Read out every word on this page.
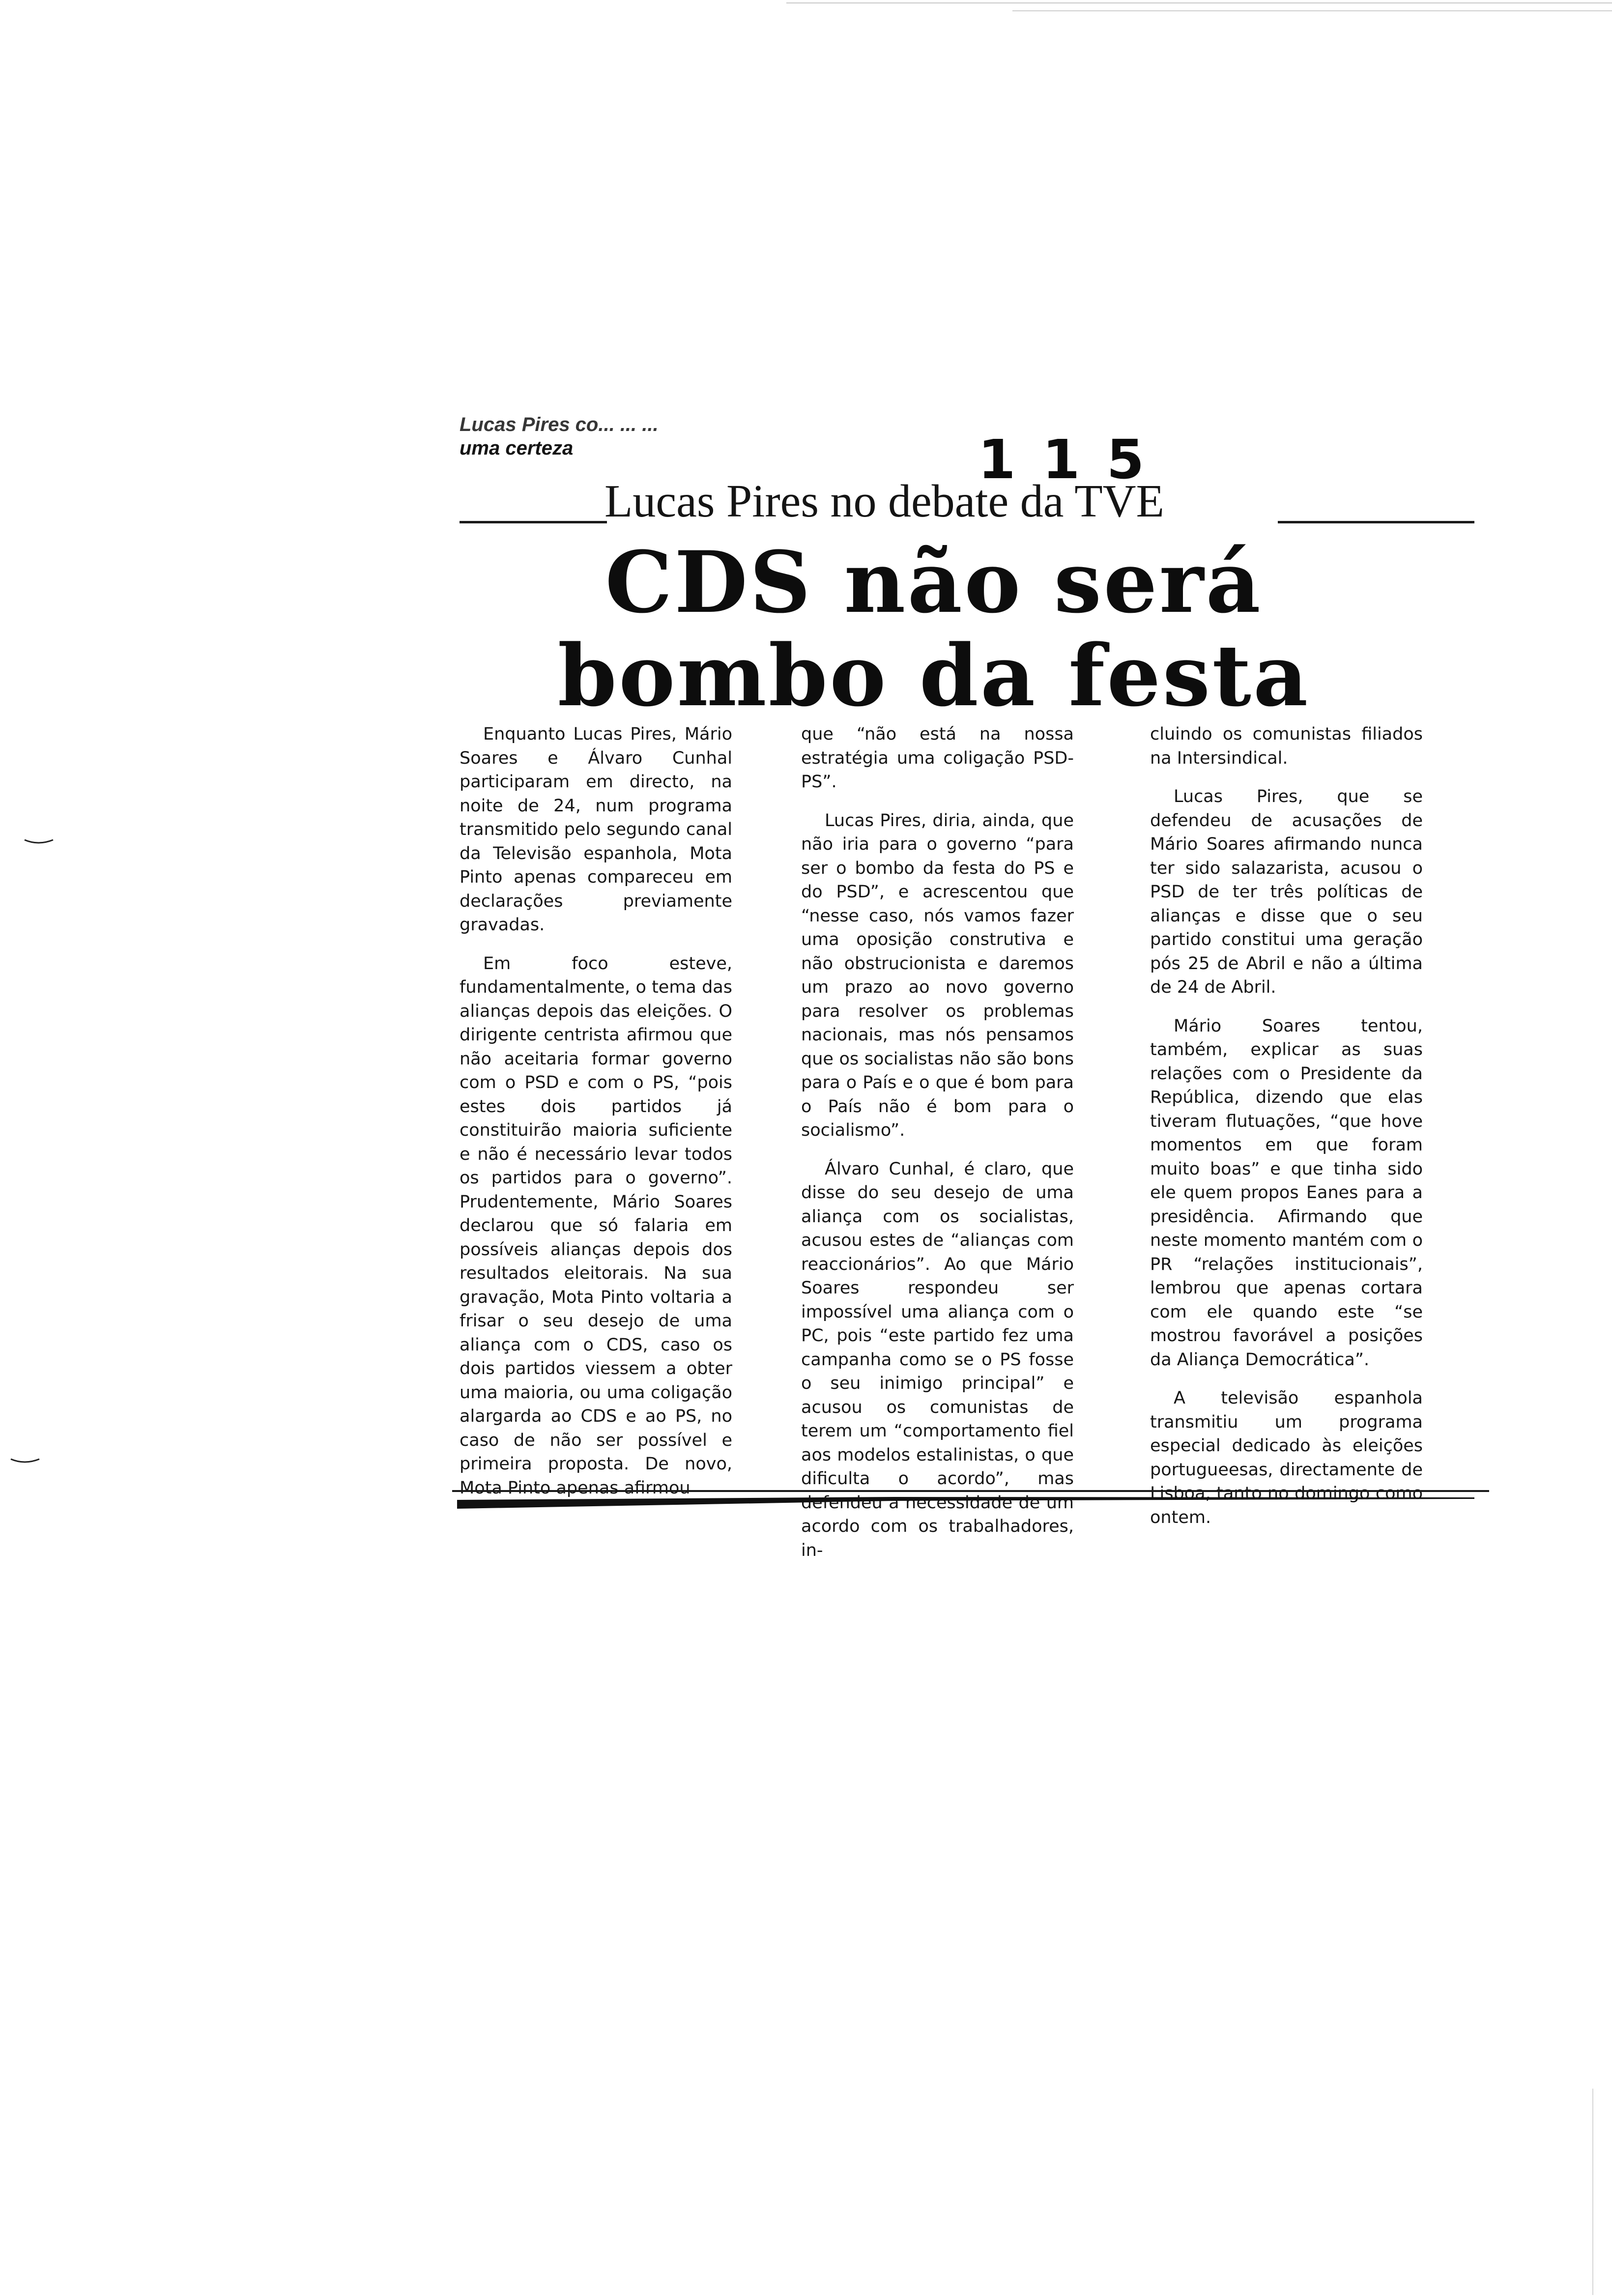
Lucas Pires co... ... ...
uma certeza	1 1 5
Lucas Pires no debate da TVE
CDS não será
bombo da festa

Enquanto Lucas Pires, Mário Soares e Álvaro Cunhal participaram em directo, na noite de 24, num programa transmitido pelo segundo canal da Televisão espanhola, Mota Pinto apenas compareceu em declarações previamente gravadas.

Em foco esteve, fundamentalmente, o tema das alianças depois das eleições. O dirigente centrista afirmou que não aceitaria formar governo com o PSD e com o PS, “pois estes dois partidos já constituirão maioria suficiente e não é necessário levar todos os partidos para o governo”. Prudentemente, Mário Soares declarou que só falaria em possíveis alianças depois dos resultados eleitorais. Na sua gravação, Mota Pinto voltaria a frisar o seu desejo de uma aliança com o CDS, caso os dois partidos viessem a obter uma maioria, ou uma coligação alargarda ao CDS e ao PS, no caso de não ser possível e primeira proposta. De novo, Mota Pinto apenas afirmou

que “não está na nossa estratégia uma coligação PSD-PS”.

Lucas Pires, diria, ainda, que não iria para o governo “para ser o bombo da festa do PS e do PSD”, e acrescentou que “nesse caso, nós vamos fazer uma oposição construtiva e não obstrucionista e daremos um prazo ao novo governo para resolver os problemas nacionais, mas nós pensamos que os socialistas não são bons para o País e o que é bom para o País não é bom para o socialismo”.

Álvaro Cunhal, é claro, que disse do seu desejo de uma aliança com os socialistas, acusou estes de “alianças com reaccionários”. Ao que Mário Soares respondeu ser impossível uma aliança com o PC, pois “este partido fez uma campanha como se o PS fosse o seu inimigo principal” e acusou os comunistas de terem um “comportamento fiel aos modelos estalinistas, o que dificulta o acordo”, mas defendeu a necessidade de um acordo com os trabalhadores, in-

cluindo os comunistas filiados na Intersindical.

Lucas Pires, que se defendeu de acusações de Mário Soares afirmando nunca ter sido salazarista, acusou o PSD de ter três políticas de alianças e disse que o seu partido constitui uma geração pós 25 de Abril e não a última de 24 de Abril.

Mário Soares tentou, também, explicar as suas relações com o Presidente da República, dizendo que elas tiveram flutuações, “que hove momentos em que foram muito boas” e que tinha sido ele quem propos Eanes para a presidência. Afirmando que neste momento mantém com o PR “relações institucionais”, lembrou que apenas cortara com ele quando este “se mostrou favorável a posições da Aliança Democrática”.

A televisão espanhola transmitiu um programa especial dedicado às eleições portugueesas, directamente de Lisboa, tanto no domingo como ontem.
